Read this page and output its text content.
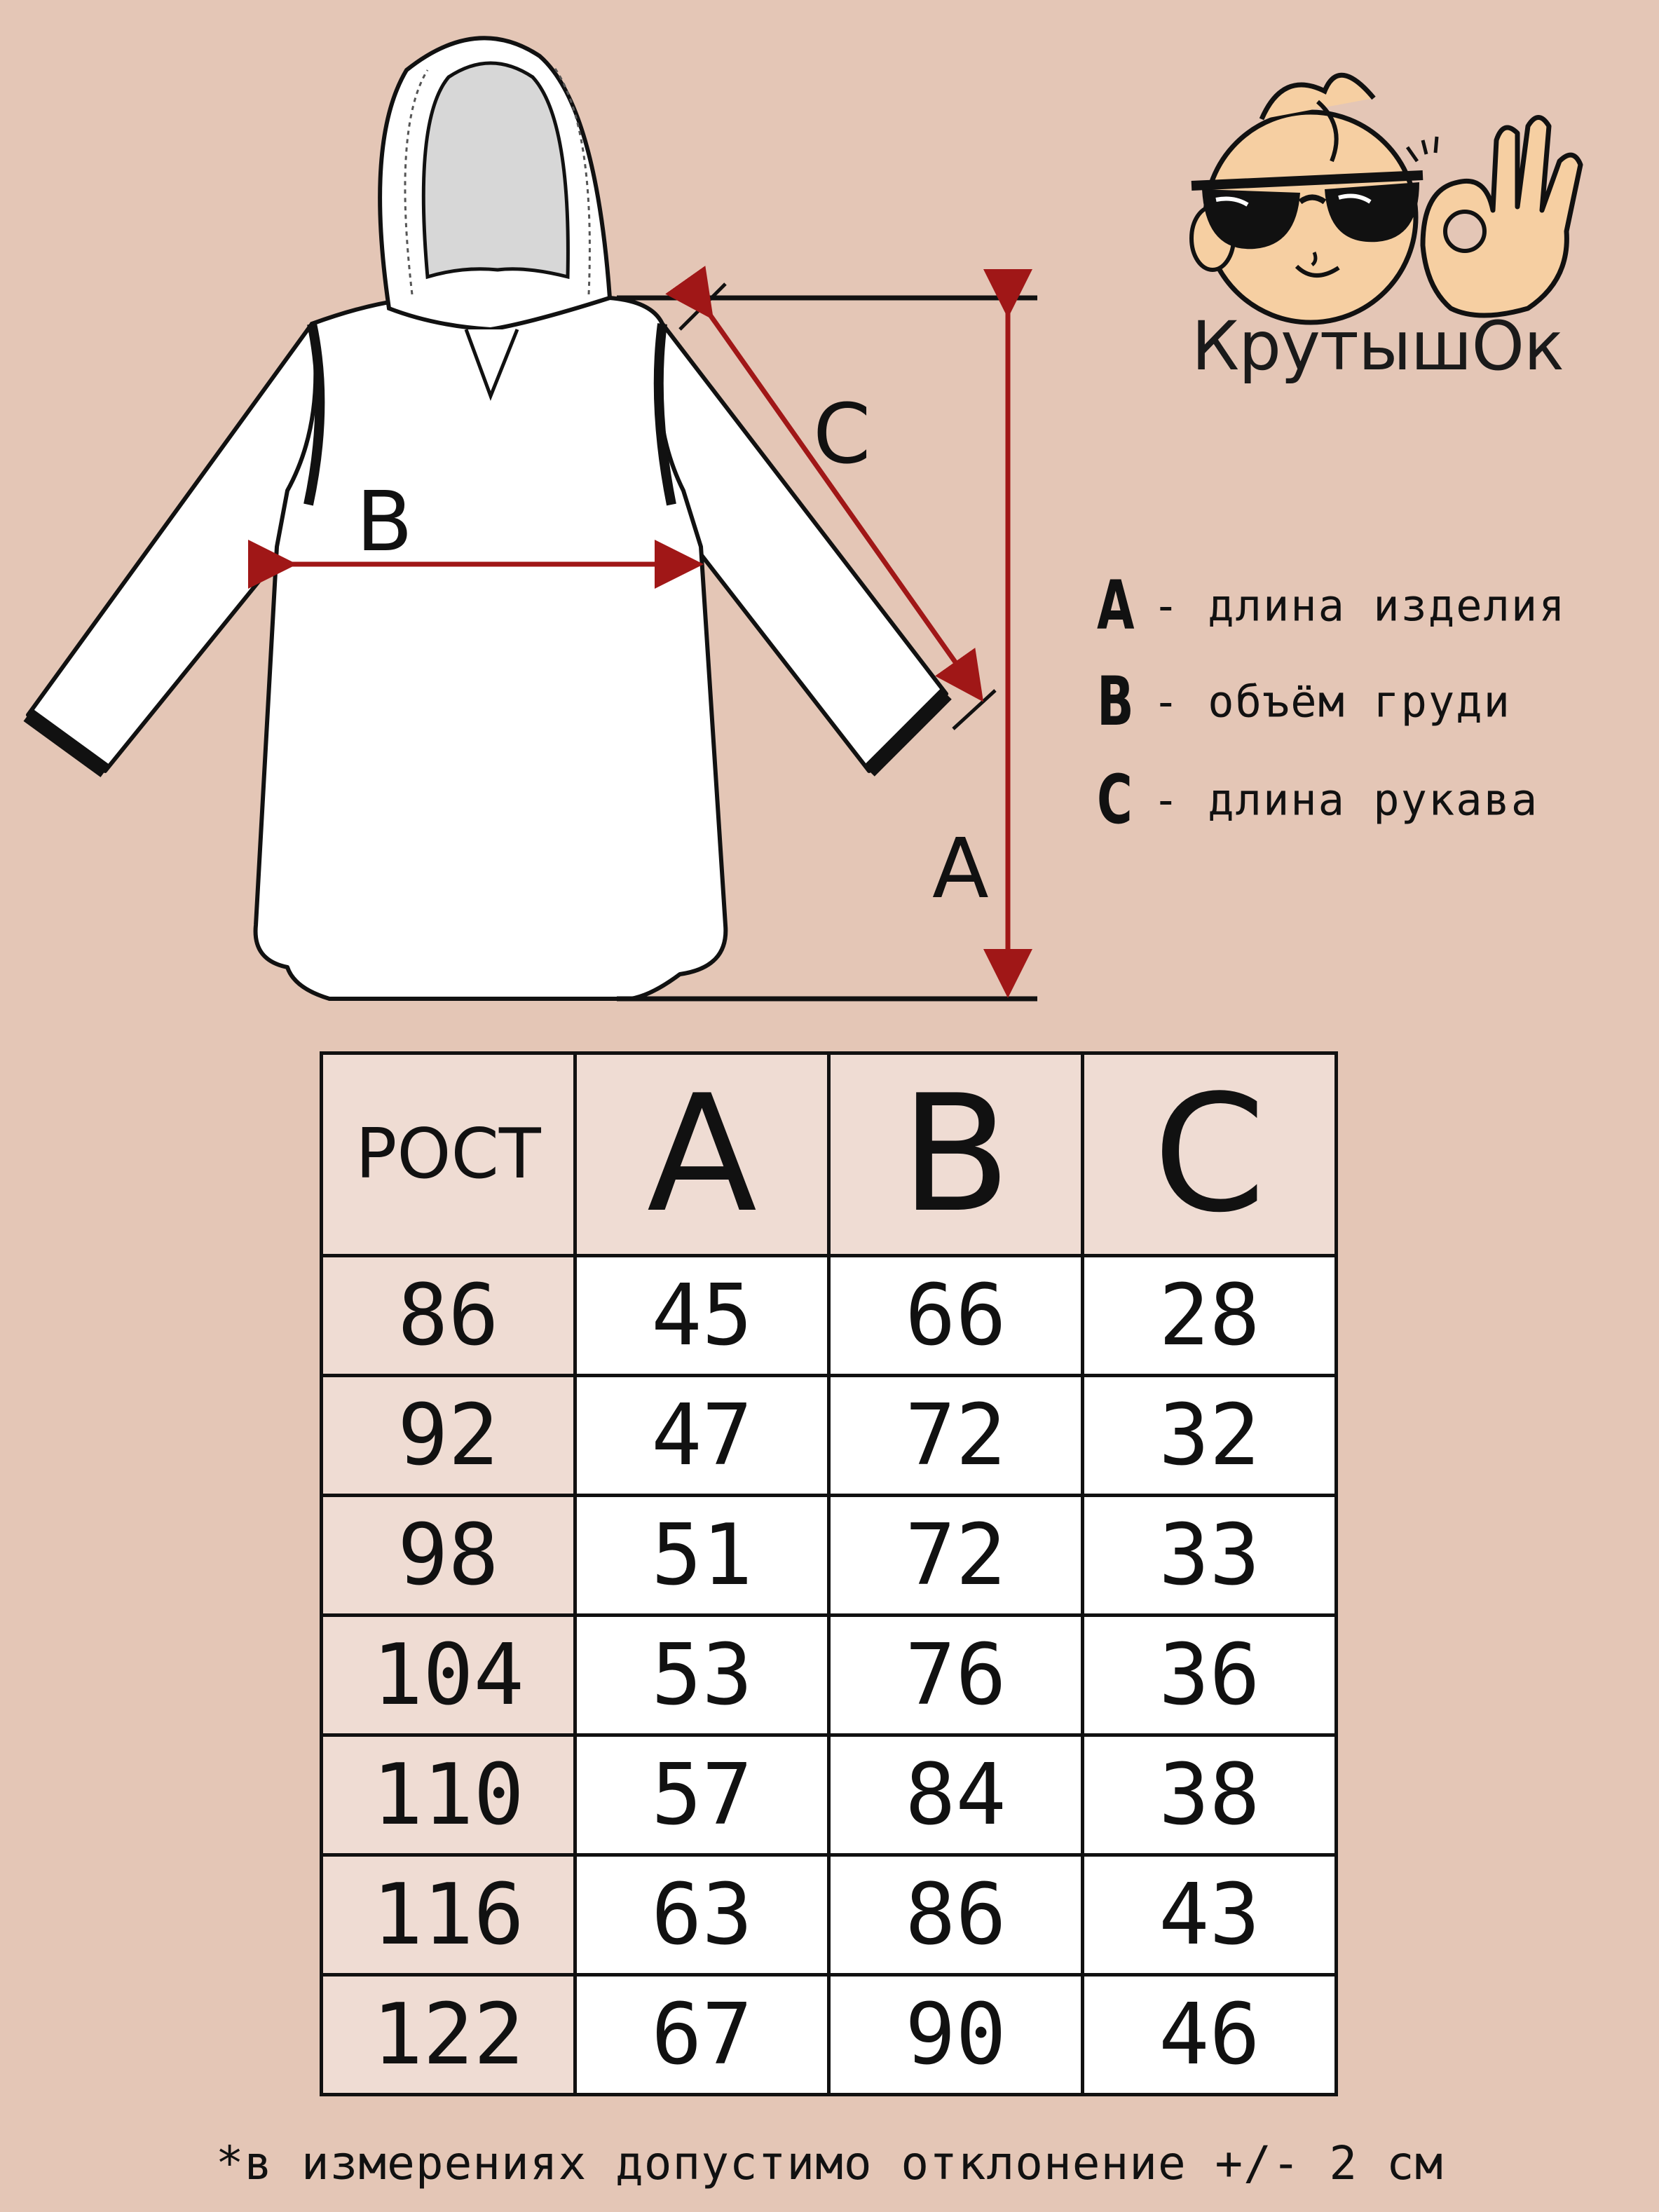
B
C
A
КрутышОк
A - длина изделия
B - объём груди
C - длина рукава
РОСТ	A	B	C
86	45	66	28
92	47	72	32
98	51	72	33
104	53	76	36
110	57	84	38
116	63	86	43
122	67	90	46
*в измерениях допустимо отклонение +/- 2 см
